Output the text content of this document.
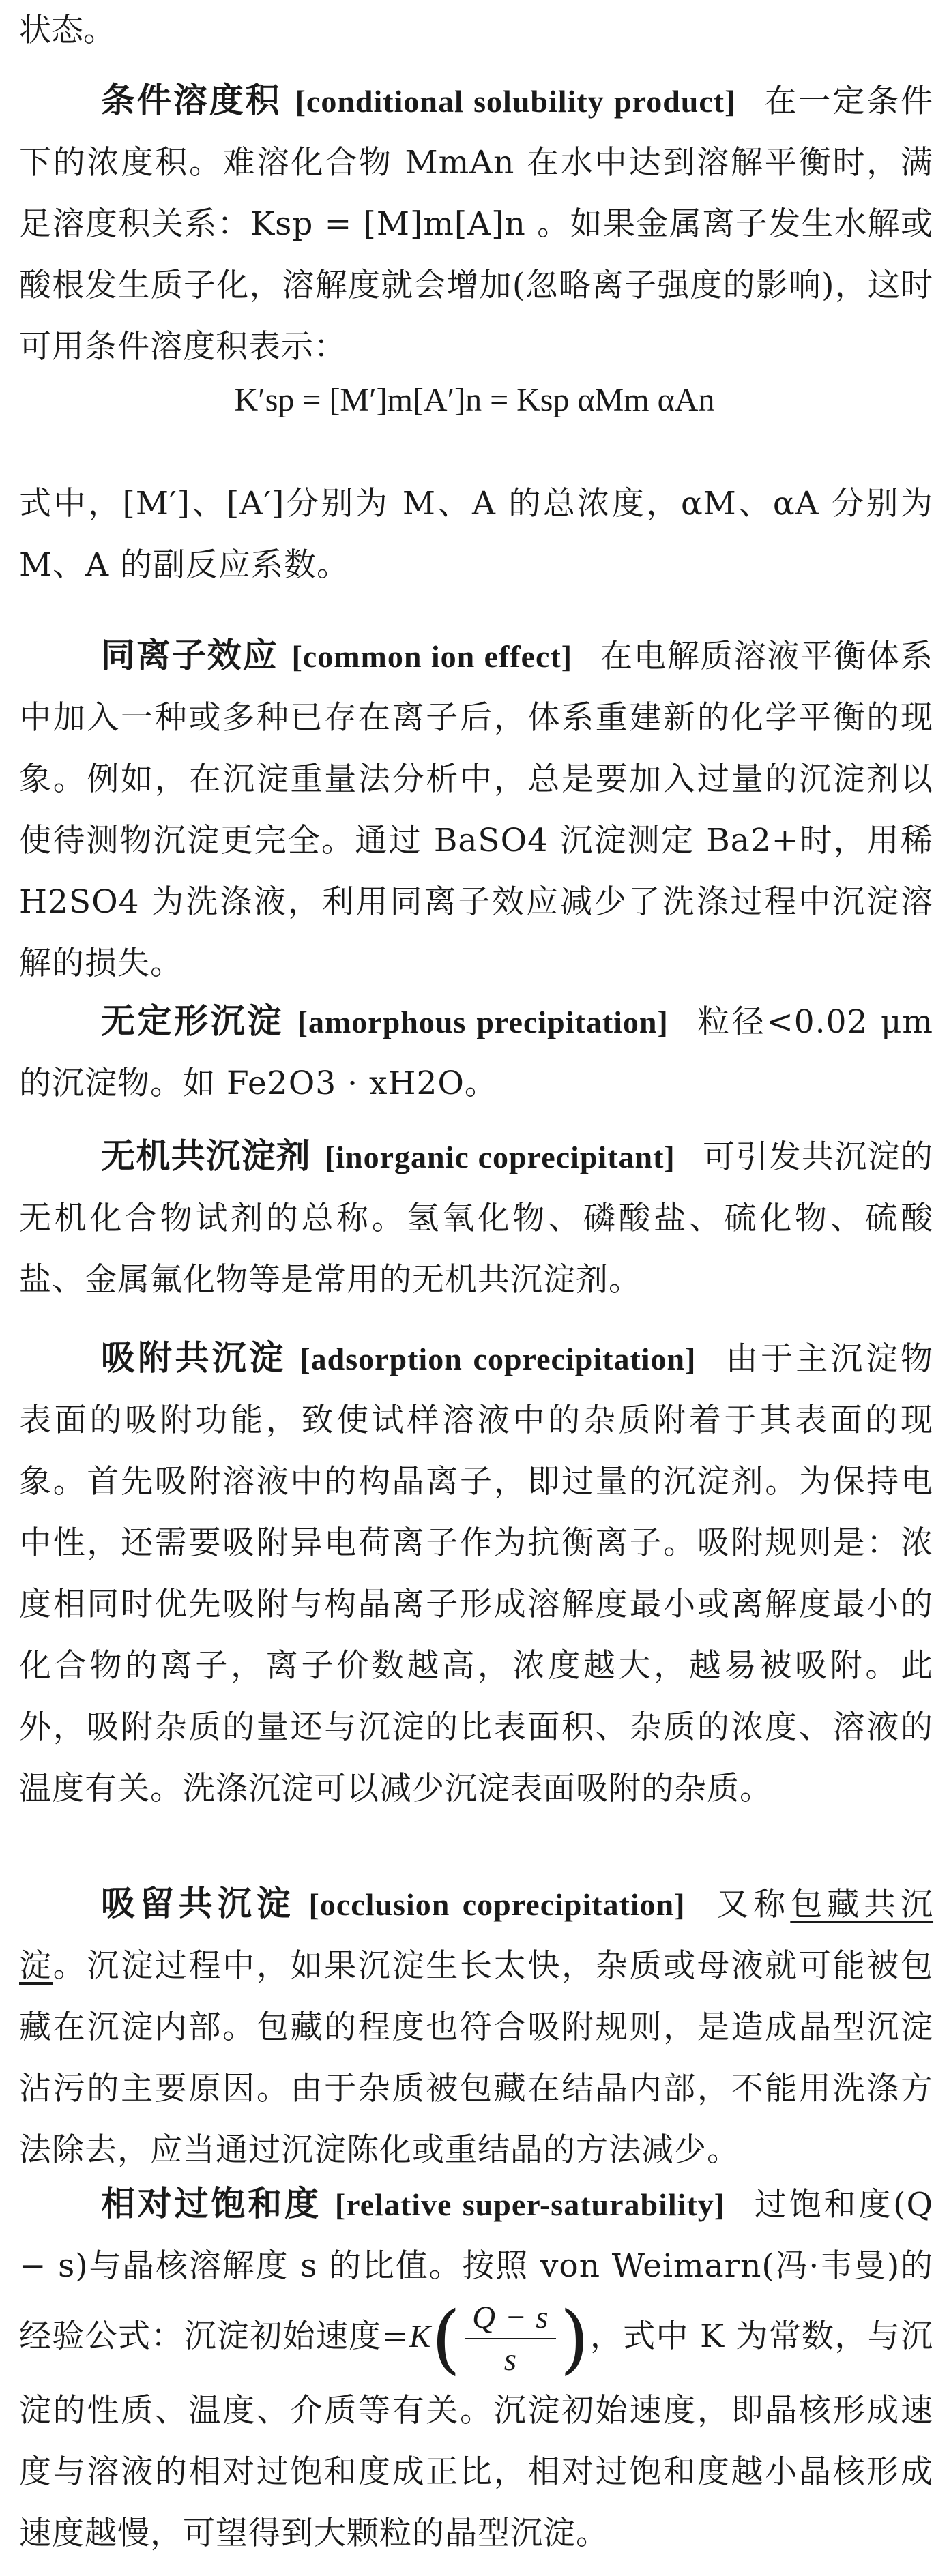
状态。
条件溶度积 [conditional solubility product] 在一定条件下的浓度积。难溶化合物 MmAn 在水中达到溶解平衡时，满足溶度积关系：Ksp = [M]m[A]n 。如果金属离子发生水解或酸根发生质子化，溶解度就会增加(忽略离子强度的影响)，这时可用条件溶度积表示：
K′sp = [M′]m[A′]n = Ksp αMm αAn
式中，[M′]、[A′]分别为 M、A 的总浓度，αM、αA 分别为 M、A 的副反应系数。
同离子效应 [common ion effect] 在电解质溶液平衡体系中加入一种或多种已存在离子后，体系重建新的化学平衡的现象。例如，在沉淀重量法分析中，总是要加入过量的沉淀剂以使待测物沉淀更完全。通过 BaSO4 沉淀测定 Ba2+时，用稀 H2SO4 为洗涤液，利用同离子效应减少了洗涤过程中沉淀溶解的损失。
无定形沉淀 [amorphous precipitation] 粒径<0.02 μm的沉淀物。如 Fe2O3 · xH2O。
无机共沉淀剂 [inorganic coprecipitant] 可引发共沉淀的无机化合物试剂的总称。氢氧化物、磷酸盐、硫化物、硫酸盐、金属氟化物等是常用的无机共沉淀剂。
吸附共沉淀 [adsorption coprecipitation] 由于主沉淀物表面的吸附功能，致使试样溶液中的杂质附着于其表面的现象。首先吸附溶液中的构晶离子，即过量的沉淀剂。为保持电中性，还需要吸附异电荷离子作为抗衡离子。吸附规则是：浓度相同时优先吸附与构晶离子形成溶解度最小或离解度最小的化合物的离子，离子价数越高，浓度越大，越易被吸附。此外，吸附杂质的量还与沉淀的比表面积、杂质的浓度、溶液的温度有关。洗涤沉淀可以减少沉淀表面吸附的杂质。
吸留共沉淀 [occlusion coprecipitation] 又称包藏共沉淀。沉淀过程中，如果沉淀生长太快，杂质或母液就可能被包藏在沉淀内部。包藏的程度也符合吸附规则，是造成晶型沉淀沾污的主要原因。由于杂质被包藏在结晶内部，不能用洗涤方法除去，应当通过沉淀陈化或重结晶的方法减少。
相对过饱和度 [relative super-saturability] 过饱和度(Q − s)与晶核溶解度 s 的比值。按照 von Weimarn(冯·韦曼)的经验公式：沉淀初始速度$=K( \frac{Q - s}{s}$ )，式中 K 为常数，与沉淀的性质、温度、介质等有关。沉淀初始速度，即晶核形成速度与溶液的相对过饱和度成正比，相对过饱和度越小晶核形成速度越慢，可望得到大颗粒的晶型沉淀。
